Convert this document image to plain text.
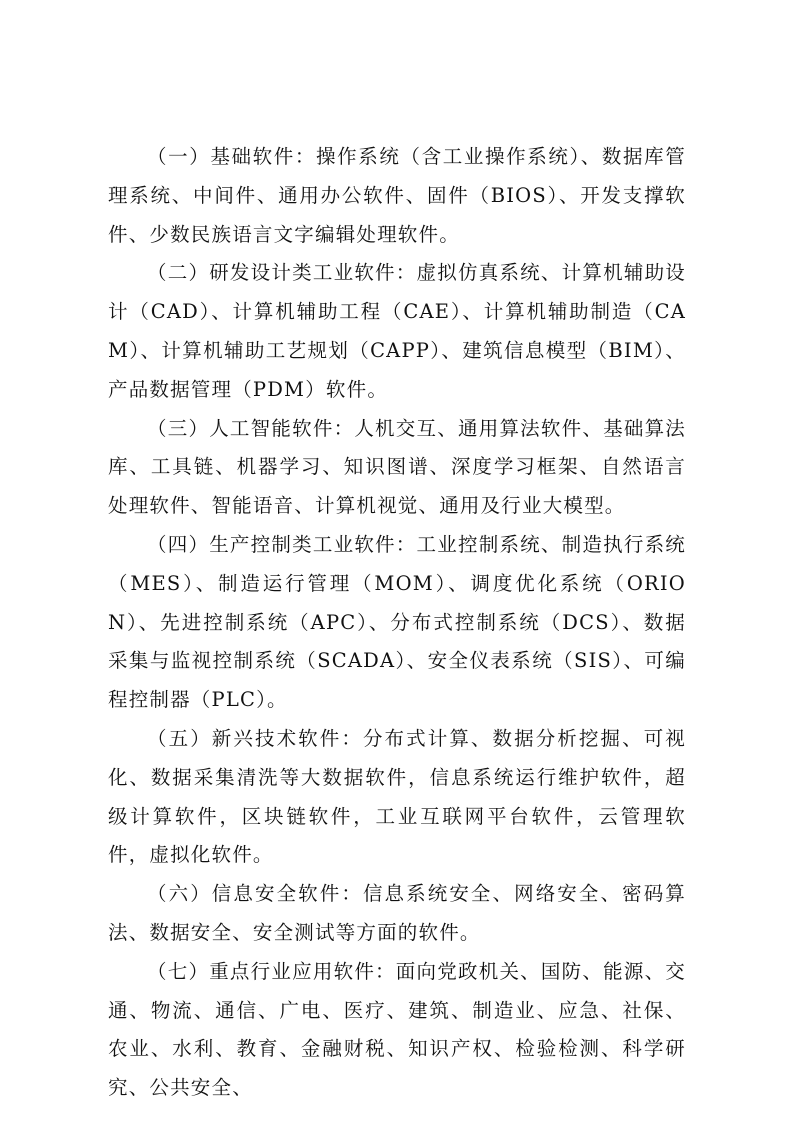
（一）基础软件：操作系统（含工业操作系统）、数据库管理系统、中间件、通用办公软件、固件（BIOS）、开发支撑软件、少数民族语言文字编辑处理软件。

（二）研发设计类工业软件：虚拟仿真系统、计算机辅助设计（CAD）、计算机辅助工程（CAE）、计算机辅助制造（CAM）、计算机辅助工艺规划（CAPP）、建筑信息模型（BIM）、产品数据管理（PDM）软件。

（三）人工智能软件：人机交互、通用算法软件、基础算法库、工具链、机器学习、知识图谱、深度学习框架、自然语言处理软件、智能语音、计算机视觉、通用及行业大模型。

（四）生产控制类工业软件：工业控制系统、制造执行系统（MES）、制造运行管理（MOM）、调度优化系统（ORION）、先进控制系统（APC）、分布式控制系统（DCS）、数据采集与监视控制系统（SCADA）、安全仪表系统（SIS）、可编程控制器（PLC）。

（五）新兴技术软件：分布式计算、数据分析挖掘、可视化、数据采集清洗等大数据软件，信息系统运行维护软件，超级计算软件，区块链软件，工业互联网平台软件，云管理软件，虚拟化软件。

（六）信息安全软件：信息系统安全、网络安全、密码算法、数据安全、安全测试等方面的软件。

（七）重点行业应用软件：面向党政机关、国防、能源、交通、物流、通信、广电、医疗、建筑、制造业、应急、社保、农业、水利、教育、金融财税、知识产权、检验检测、科学研究、公共安全、
